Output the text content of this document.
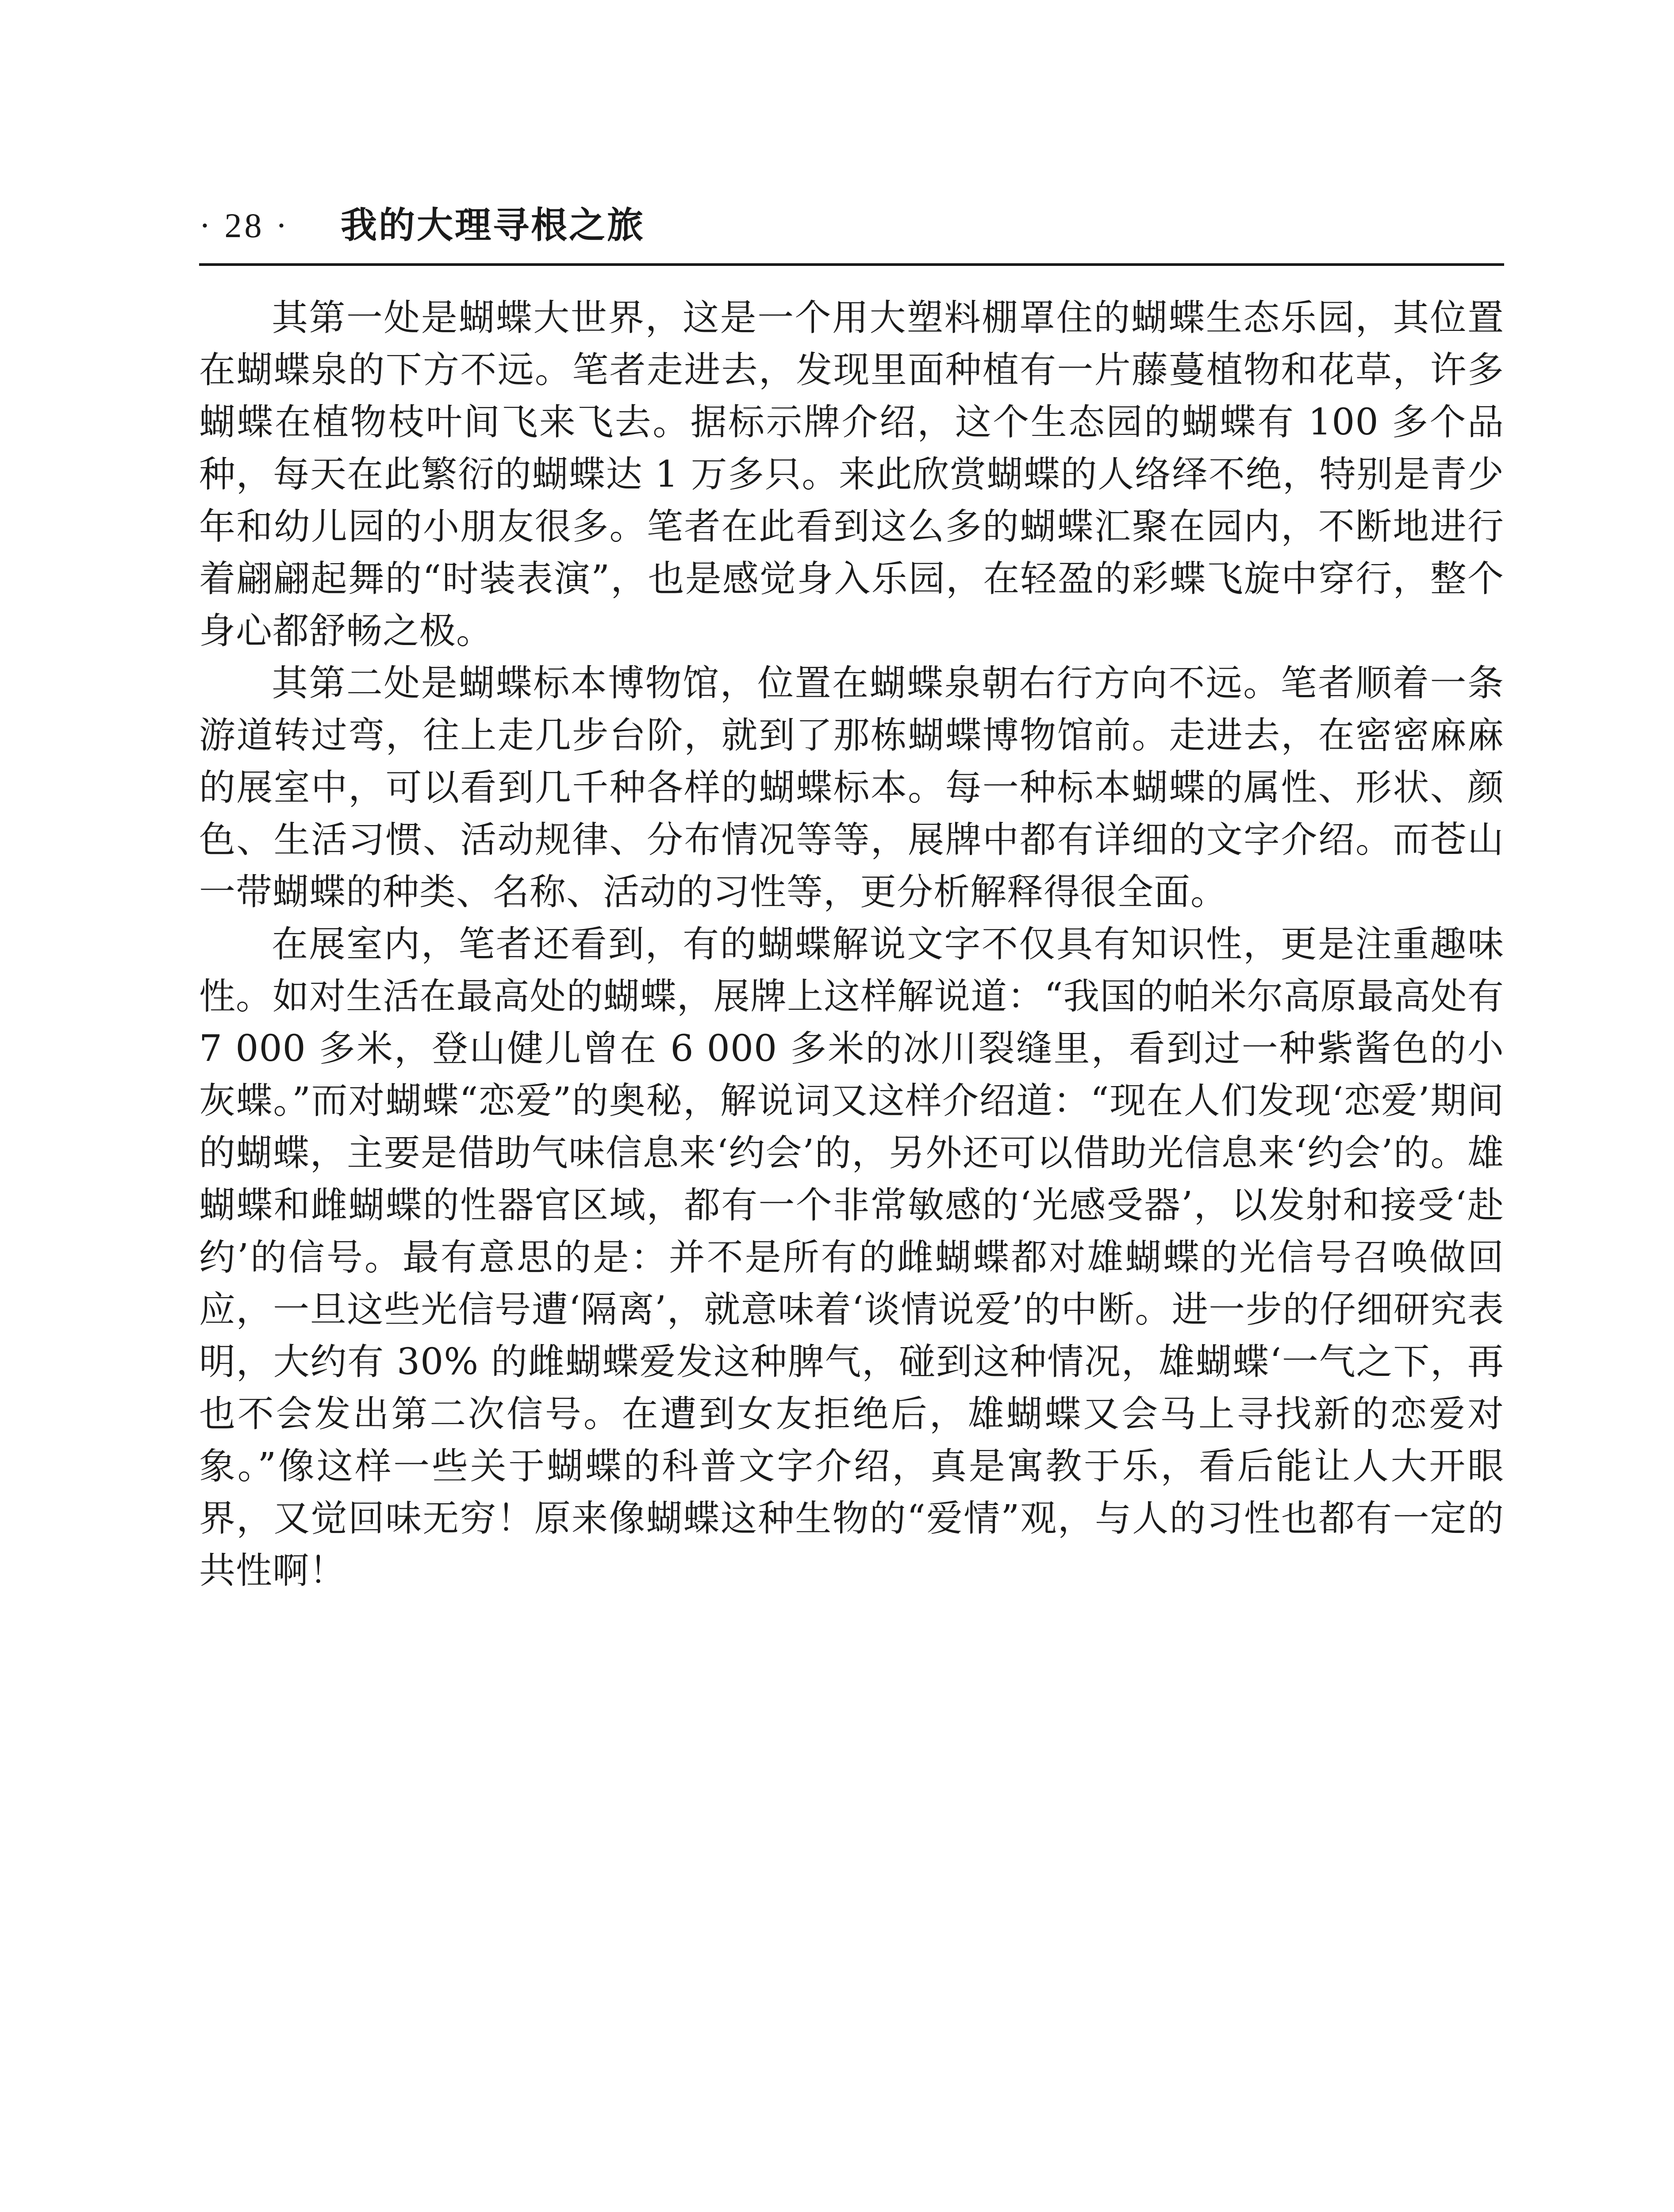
· 28 · 我的大理寻根之旅

其第一处是蝴蝶大世界，这是一个用大塑料棚罩住的蝴蝶生态乐园，其位置在蝴蝶泉的下方不远。笔者走进去，发现里面种植有一片藤蔓植物和花草，许多蝴蝶在植物枝叶间飞来飞去。据标示牌介绍，这个生态园的蝴蝶有 100 多个品种，每天在此繁衍的蝴蝶达 1 万多只。来此欣赏蝴蝶的人络绎不绝，特别是青少年和幼儿园的小朋友很多。笔者在此看到这么多的蝴蝶汇聚在园内，不断地进行着翩翩起舞的“时装表演”，也是感觉身入乐园，在轻盈的彩蝶飞旋中穿行，整个身心都舒畅之极。

其第二处是蝴蝶标本博物馆，位置在蝴蝶泉朝右行方向不远。笔者顺着一条游道转过弯，往上走几步台阶，就到了那栋蝴蝶博物馆前。走进去，在密密麻麻的展室中，可以看到几千种各样的蝴蝶标本。每一种标本蝴蝶的属性、形状、颜色、生活习惯、活动规律、分布情况等等，展牌中都有详细的文字介绍。而苍山一带蝴蝶的种类、名称、活动的习性等，更分析解释得很全面。

在展室内，笔者还看到，有的蝴蝶解说文字不仅具有知识性，更是注重趣味性。如对生活在最高处的蝴蝶，展牌上这样解说道：“我国的帕米尔高原最高处有 7 000 多米，登山健儿曾在 6 000 多米的冰川裂缝里，看到过一种紫酱色的小灰蝶。”而对蝴蝶“恋爱”的奥秘，解说词又这样介绍道：“现在人们发现‘恋爱’期间的蝴蝶，主要是借助气味信息来‘约会’的，另外还可以借助光信息来‘约会’的。雄蝴蝶和雌蝴蝶的性器官区域，都有一个非常敏感的‘光感受器’，以发射和接受‘赴约’的信号。最有意思的是：并不是所有的雌蝴蝶都对雄蝴蝶的光信号召唤做回应，一旦这些光信号遭‘隔离’，就意味着‘谈情说爱’的中断。进一步的仔细研究表明，大约有 30% 的雌蝴蝶爱发这种脾气，碰到这种情况，雄蝴蝶‘一气之下，再也不会发出第二次信号。在遭到女友拒绝后，雄蝴蝶又会马上寻找新的恋爱对象。”像这样一些关于蝴蝶的科普文字介绍，真是寓教于乐，看后能让人大开眼界，又觉回味无穷！原来像蝴蝶这种生物的“爱情”观，与人的习性也都有一定的共性啊！
